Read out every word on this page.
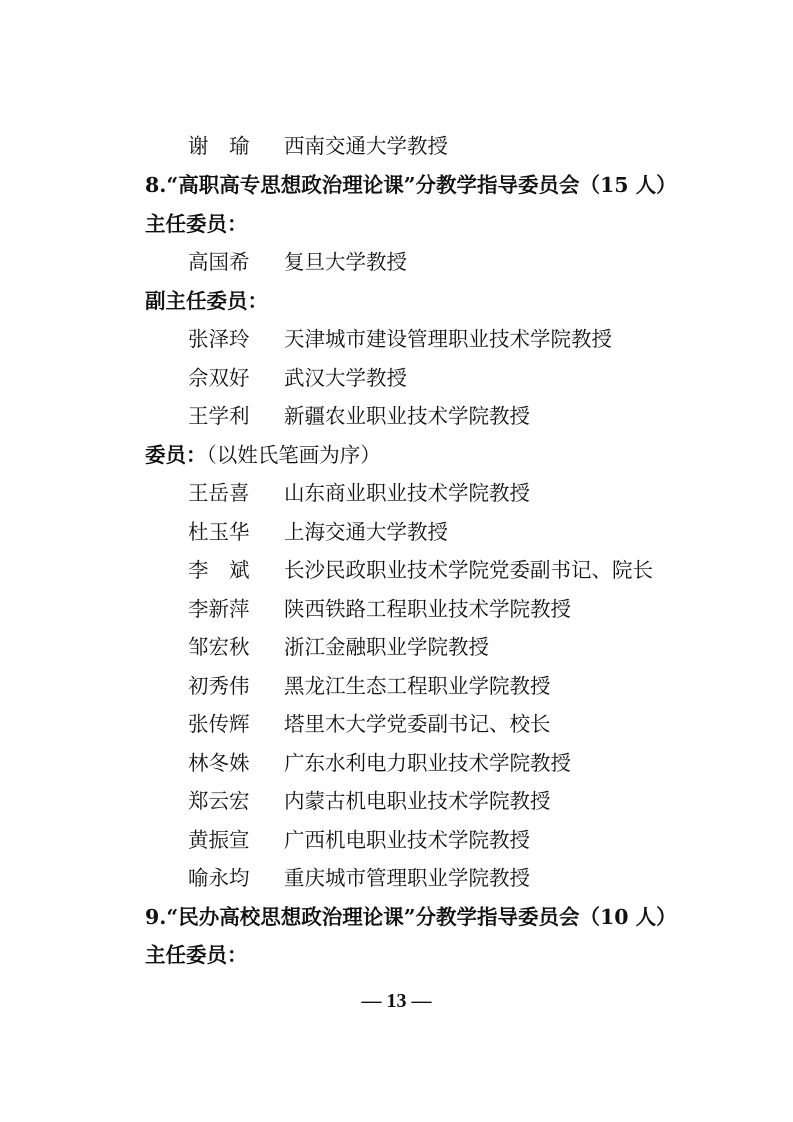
谢　瑜 西南交通大学教授
8.“高职高专思想政治理论课”分教学指导委员会（15 人）
主任委员：
高国希 复旦大学教授
副主任委员：
张泽玲 天津城市建设管理职业技术学院教授
佘双好 武汉大学教授
王学利 新疆农业职业技术学院教授
委员：（以姓氏笔画为序）
王岳喜 山东商业职业技术学院教授
杜玉华 上海交通大学教授
李　斌 长沙民政职业技术学院党委副书记、院长
李新萍 陕西铁路工程职业技术学院教授
邹宏秋 浙江金融职业学院教授
初秀伟 黑龙江生态工程职业学院教授
张传辉 塔里木大学党委副书记、校长
林冬姝 广东水利电力职业技术学院教授
郑云宏 内蒙古机电职业技术学院教授
黄振宣 广西机电职业技术学院教授
喻永均 重庆城市管理职业学院教授
9.“民办高校思想政治理论课”分教学指导委员会（10 人）
主任委员：
— 13 —
